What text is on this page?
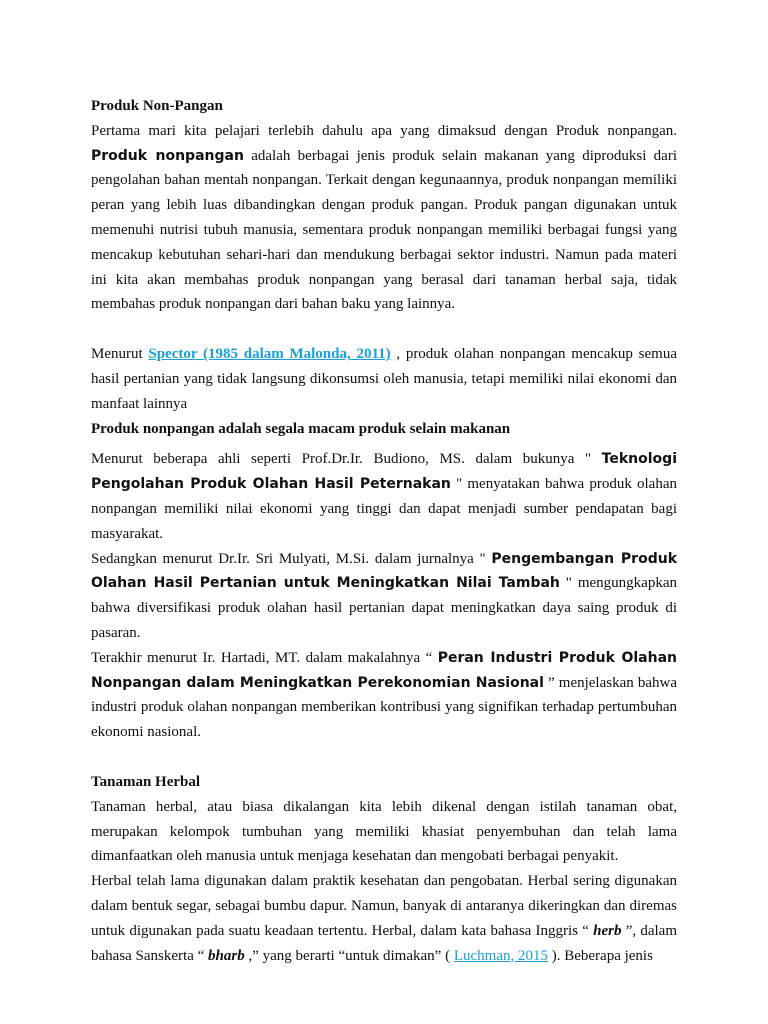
Produk Non-Pangan

Pertama mari kita pelajari terlebih dahulu apa yang dimaksud dengan Produk nonpangan. Produk nonpangan adalah berbagai jenis produk selain makanan yang diproduksi dari pengolahan bahan mentah nonpangan. Terkait dengan kegunaannya, produk nonpangan memiliki peran yang lebih luas dibandingkan dengan produk pangan. Produk pangan digunakan untuk memenuhi nutrisi tubuh manusia, sementara produk nonpangan memiliki berbagai fungsi yang mencakup kebutuhan sehari-hari dan mendukung berbagai sektor industri. Namun pada materi ini kita akan membahas produk nonpangan yang berasal dari tanaman herbal saja, tidak membahas produk nonpangan dari bahan baku yang lainnya.

Menurut Spector (1985 dalam Malonda, 2011) , produk olahan nonpangan mencakup semua hasil pertanian yang tidak langsung dikonsumsi oleh manusia, tetapi memiliki nilai ekonomi dan manfaat lainnya

Produk nonpangan adalah segala macam produk selain makanan

Menurut beberapa ahli seperti Prof.Dr.Ir. Budiono, MS. dalam bukunya " Teknologi Pengolahan Produk Olahan Hasil Peternakan " menyatakan bahwa produk olahan nonpangan memiliki nilai ekonomi yang tinggi dan dapat menjadi sumber pendapatan bagi masyarakat.

Sedangkan menurut Dr.Ir. Sri Mulyati, M.Si. dalam jurnalnya " Pengembangan Produk Olahan Hasil Pertanian untuk Meningkatkan Nilai Tambah " mengungkapkan bahwa diversifikasi produk olahan hasil pertanian dapat meningkatkan daya saing produk di pasaran.

Terakhir menurut Ir. Hartadi, MT. dalam makalahnya “ Peran Industri Produk Olahan Nonpangan dalam Meningkatkan Perekonomian Nasional ” menjelaskan bahwa industri produk olahan nonpangan memberikan kontribusi yang signifikan terhadap pertumbuhan ekonomi nasional.

Tanaman Herbal

Tanaman herbal, atau biasa dikalangan kita lebih dikenal dengan istilah tanaman obat, merupakan kelompok tumbuhan yang memiliki khasiat penyembuhan dan telah lama dimanfaatkan oleh manusia untuk menjaga kesehatan dan mengobati berbagai penyakit.

Herbal telah lama digunakan dalam praktik kesehatan dan pengobatan. Herbal sering digunakan dalam bentuk segar, sebagai bumbu dapur. Namun, banyak di antaranya dikeringkan dan diremas untuk digunakan pada suatu keadaan tertentu. Herbal, dalam kata bahasa Inggris “ herb ”, dalam bahasa Sanskerta “ bharb ,” yang berarti “untuk dimakan” ( Luchman, 2015 ). Beberapa jenis
